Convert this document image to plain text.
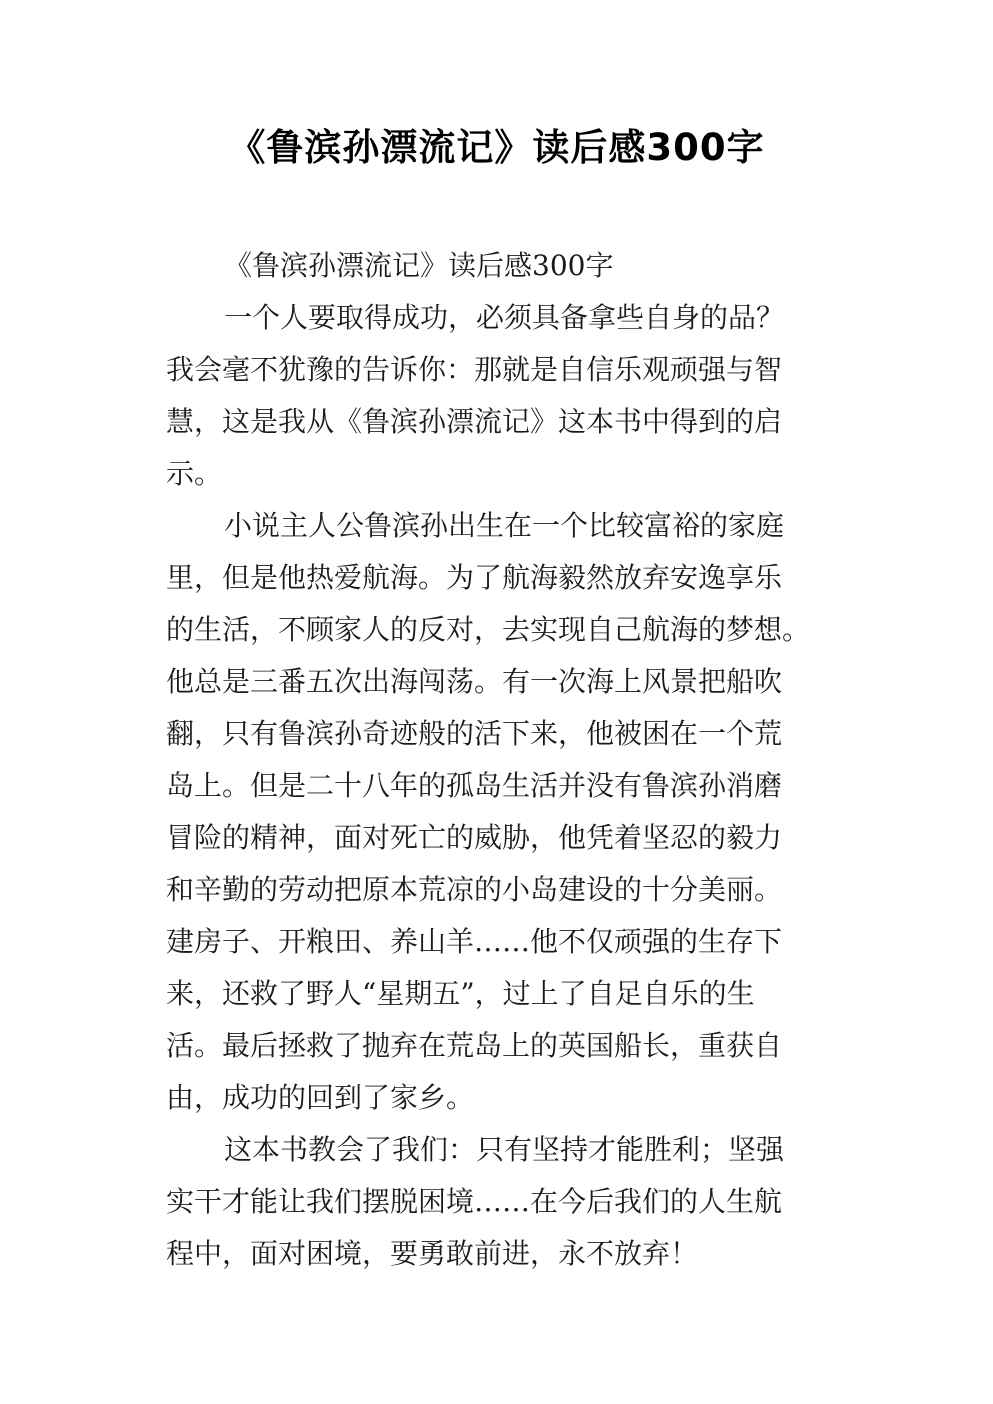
《鲁滨孙漂流记》读后感300字
《鲁滨孙漂流记》读后感300字
一个人要取得成功，必须具备拿些自身的品？
我会毫不犹豫的告诉你：那就是自信乐观顽强与智
慧，这是我从《鲁滨孙漂流记》这本书中得到的启
示。
小说主人公鲁滨孙出生在一个比较富裕的家庭
里，但是他热爱航海。为了航海毅然放弃安逸享乐
的生活，不顾家人的反对，去实现自己航海的梦想。
他总是三番五次出海闯荡。有一次海上风景把船吹
翻，只有鲁滨孙奇迹般的活下来，他被困在一个荒
岛上。但是二十八年的孤岛生活并没有鲁滨孙消磨
冒险的精神，面对死亡的威胁，他凭着坚忍的毅力
和辛勤的劳动把原本荒凉的小岛建设的十分美丽。
建房子、开粮田、养山羊……他不仅顽强的生存下
来，还救了野人“星期五”，过上了自足自乐的生
活。最后拯救了抛弃在荒岛上的英国船长，重获自
由，成功的回到了家乡。
这本书教会了我们：只有坚持才能胜利；坚强
实干才能让我们摆脱困境……在今后我们的人生航
程中，面对困境，要勇敢前进，永不放弃！
